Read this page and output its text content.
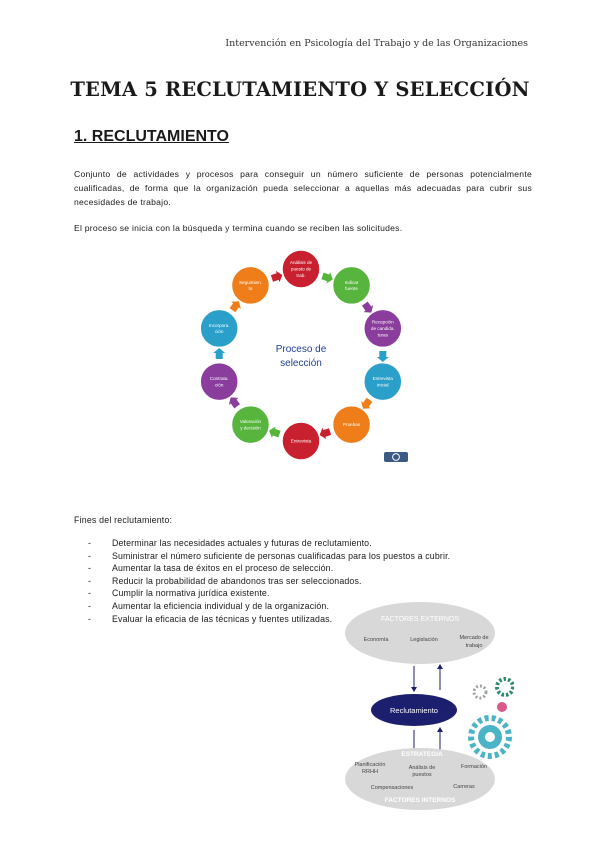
Intervención en Psicología del Trabajo y de las Organizaciones
TEMA 5 RECLUTAMIENTO Y SELECCIÓN
1. RECLUTAMIENTO

Conjunto de actividades y procesos para conseguir un número suficiente de personas potencialmente cualificadas, de forma que la organización pueda seleccionar a aquellas más adecuadas para cubrir sus necesidades de trabajo.

El proceso se inicia con la búsqueda y termina cuando se reciben las solicitudes.

Proceso de
selección
Análisis de
puesto de
trab.
Indicar
fuente
Recepción
de candida.
turas
Entrevista
inicial
Pruebas
Entrevista
Valoración
y decisión
Contrata.
ción
Incorpora.
ción
Seguimien.
to

Fines del reclutamiento:

- Determinar las necesidades actuales y futuras de reclutamiento.
- Suministrar el número suficiente de personas cualificadas para los puestos a cubrir.
- Aumentar la tasa de éxitos en el proceso de selección.
- Reducir la probabilidad de abandonos tras ser seleccionados.
- Cumplir la normativa jurídica existente.
- Aumentar la eficiencia individual y de la organización.
- Evaluar la eficacia de las técnicas y fuentes utilizadas.	FACTORES EXTERNOS
Economía	Legislación	Mercado de
trabajo
Reclutamiento
ESTRATEGIA
Planificación
RRHH
Análisis de
puestos
Formación
Compensaciones	Carreras
FACTORES INTERNOS
